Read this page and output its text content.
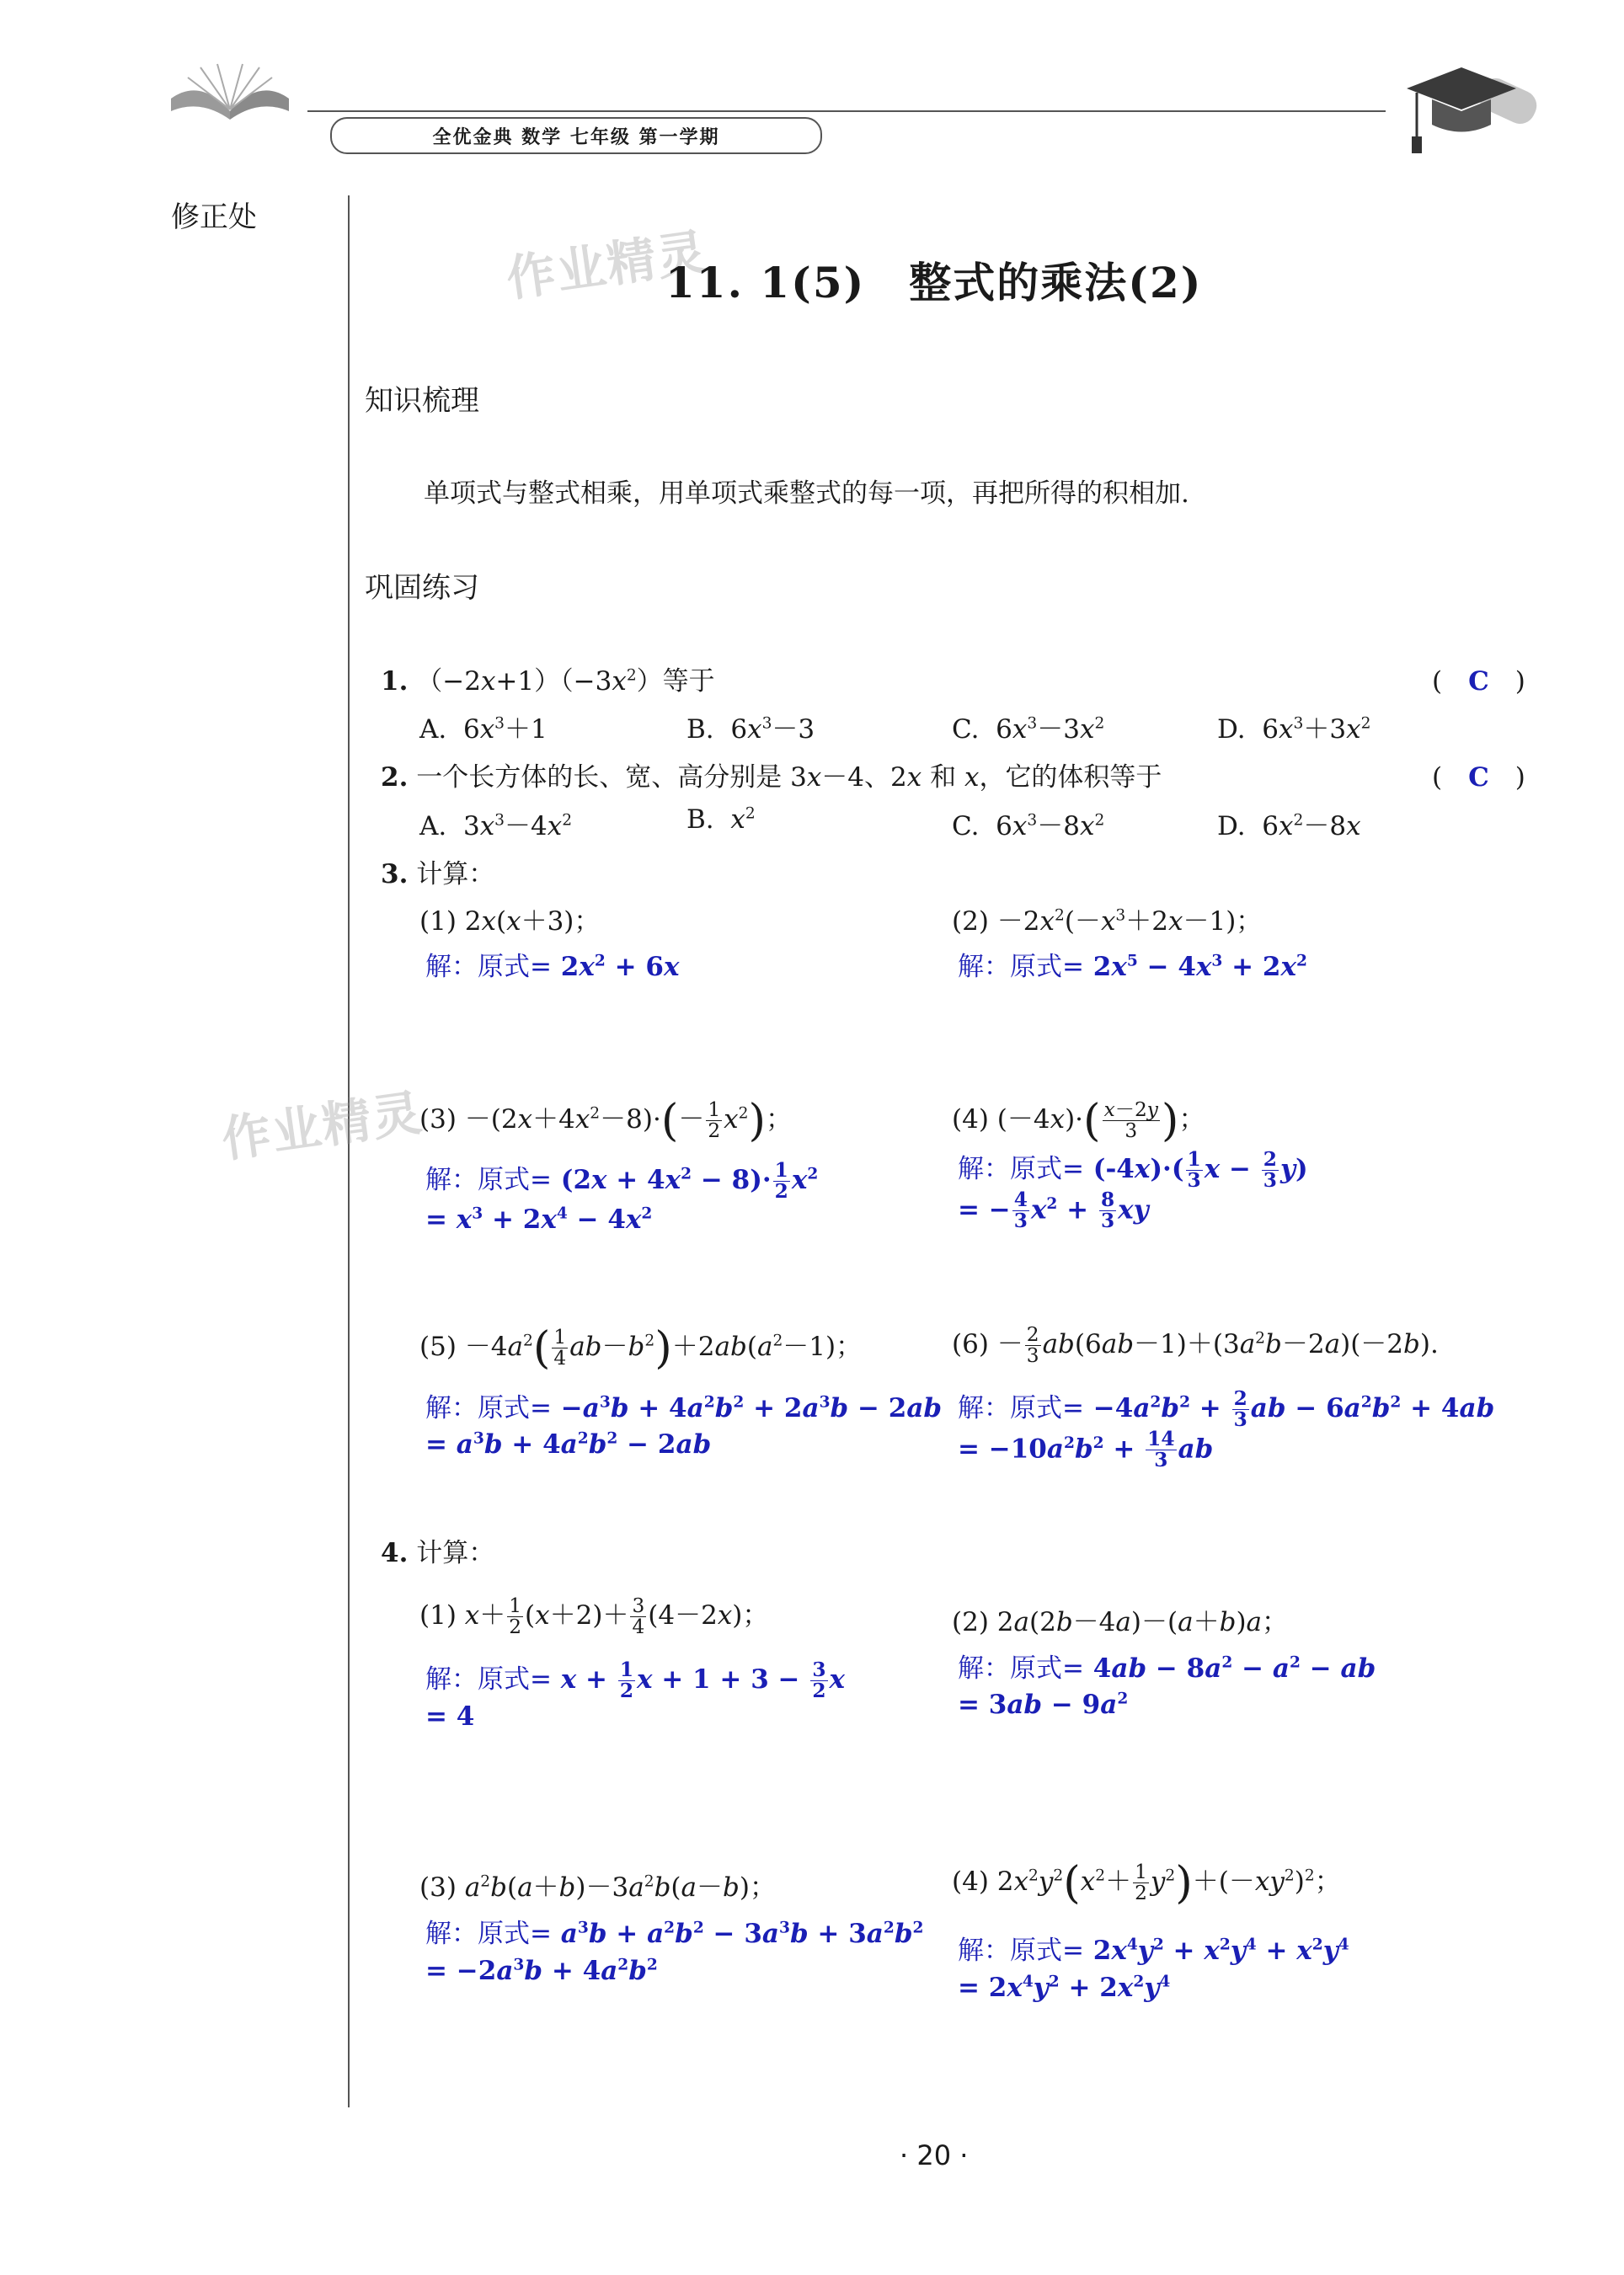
全优金典 数学 七年级 第一学期
修正处
作业精灵
作业精灵
11. 1(5)　整式的乘法(2)
知识梳理
单项式与整式相乘，用单项式乘整式的每一项，再把所得的积相加.
巩固练习
1. $(-2x+1)(-3x^2)$等于	(　C　)
A.  $6x^3+1$	B.  $6x^3-3$	C.  $6x^3-3x^2$	D.  $6x^3+3x^2$
2. 一个长方体的长、宽、高分别是 3x－4、2x 和 x，它的体积等于	(　C　)
A.  $3x^3-4x^2$	B.  $x^2$	C.  $6x^3-8x^2$	D.  $6x^2-8x$
3. 计算：
(1) 2x(x＋3)；
解：原式= $2x^2 + 6x$
$(2) -2x^2(-x^3+2x-1)$；
解：原式= $2x^5 - 4x^3 + 2x^2$
$(3) -(2x+4x^2-8)\cdot(- \frac{1}{2} x^2)$；
解：原式= $(2x + 4x^2 - 8)\cdot \frac{1}{2} x^2$
= $x^3 + 2x^4 - 4x^2$
(4) $(-4x)\cdot( \frac{x-2y}{3}$ )；
解：原式= $(-4x)\cdot( \frac{1}{3}$ $x - \frac{2}{3} y$)
= − $\frac{4}{3} x^2 + \frac{8}{3}$ xy
$(5) -4a^2( \frac{1}{4} ab-b^2)+2ab(a^2-1)$；
解：原式= $-a^3b + 4a^2b^2 + 2a^3b - 2ab$
= $a^3b + 4a^2b^2 - 2ab$
$(6) - \frac{2}{3} ab(6ab-1)+(3a^2b-2a)(-2b)$.
解：原式= $-4a^2b^2 + \frac{2}{3}$ ab − $6a^2b^2 + 4ab$
= $-10a^2b^2 + \frac{14}{3}$ ab
4. 计算：
(1) $x+ \frac{1}{2} (x+2)+ \frac{3}{4} (4-2x)$；
解：原式= $x + \frac{1}{2}$ $x + 1 + 3 - \frac{3}{2}$ x
= 4
(2) 2a(2b－4a)－(a＋b)a；
解：原式= $4ab - 8a^2 - a^2$ − ab
= $3ab - 9a^2$
(3) $a^2b(a+b)-3a^2b(a-b)$；
解：原式= $a^3b + a^2b^2 - 3a^3b + 3a^2b^2$
= $-2a^3b + 4a^2b^2$
(4) $2x^2y^2(x^2+ \frac{1}{2} y^2)+(-xy^2)^2$；
解：原式= $2x^4y^2 + x^2y^4 + x^2y^4$
= $2x^4y^2 + 2x^2y^4$
· 20 ·
